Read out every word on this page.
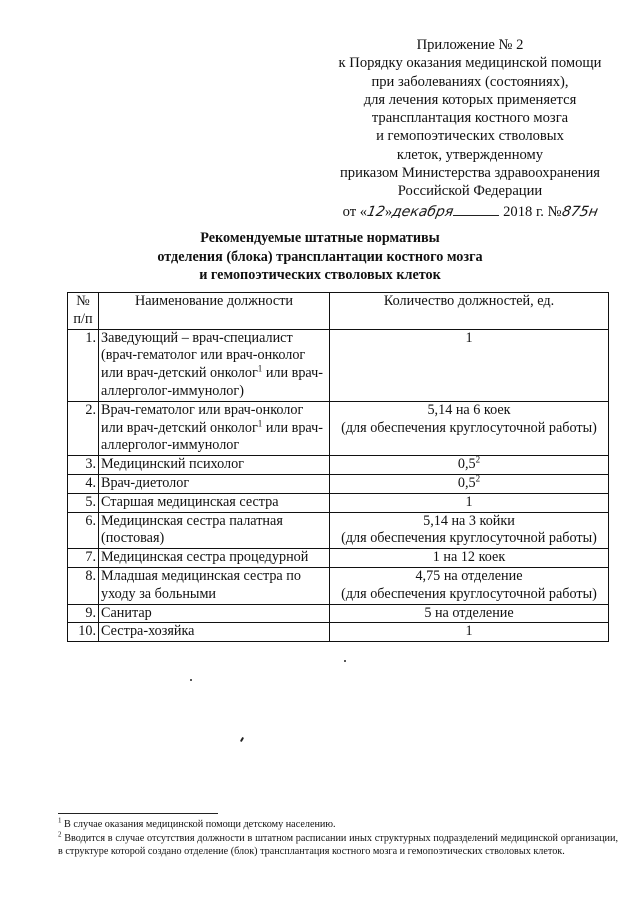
Приложение № 2
к Порядку оказания медицинской помощи
при заболеваниях (состояниях),
для лечения которых применяется
трансплантация костного мозга
и гемопоэтических стволовых
клеток, утвержденному
приказом Министерства здравоохранения
Российской Федерации
от «12»декабря	2018 г. №875н
Рекомендуемые штатные нормативы
отделения (блока) трансплантации костного мозга
и гемопоэтических стволовых клеток
№ п/п	Наименование должности	Количество должностей, ед.
1.	Заведующий – врач-специалист (врач-гематолог или врач-онколог или врач-детский онколог$^1$ или врач-аллерголог-иммунолог)	1

2.	Врач-гематолог или врач-онколог или врач-детский онколог$^1$ или врач-аллерголог-иммунолог	5,14 на 6 коек
(для обеспечения круглосуточной работы)

3.	Медицинский психолог	$0,5^2$

4.	Врач-диетолог	$0,5^2$

5.	Старшая медицинская сестра	1

6.	Медицинская сестра палатная (постовая)	5,14 на 3 койки
(для обеспечения круглосуточной работы)

7.	Медицинская сестра процедурной	1 на 12 коек

8.	Младшая медицинская сестра по уходу за больными	4,75 на отделение
(для обеспечения круглосуточной работы)

9.	Санитар	5 на отделение

10.	Сестра-хозяйка	1

$^1$ В случае оказания медицинской помощи детскому населению.

$^2$ Вводится в случае отсутствия должности в штатном расписании иных структурных подразделений медицинской организации, в структуре которой создано отделение (блок) трансплантация костного мозга и гемопоэтических стволовых клеток.
